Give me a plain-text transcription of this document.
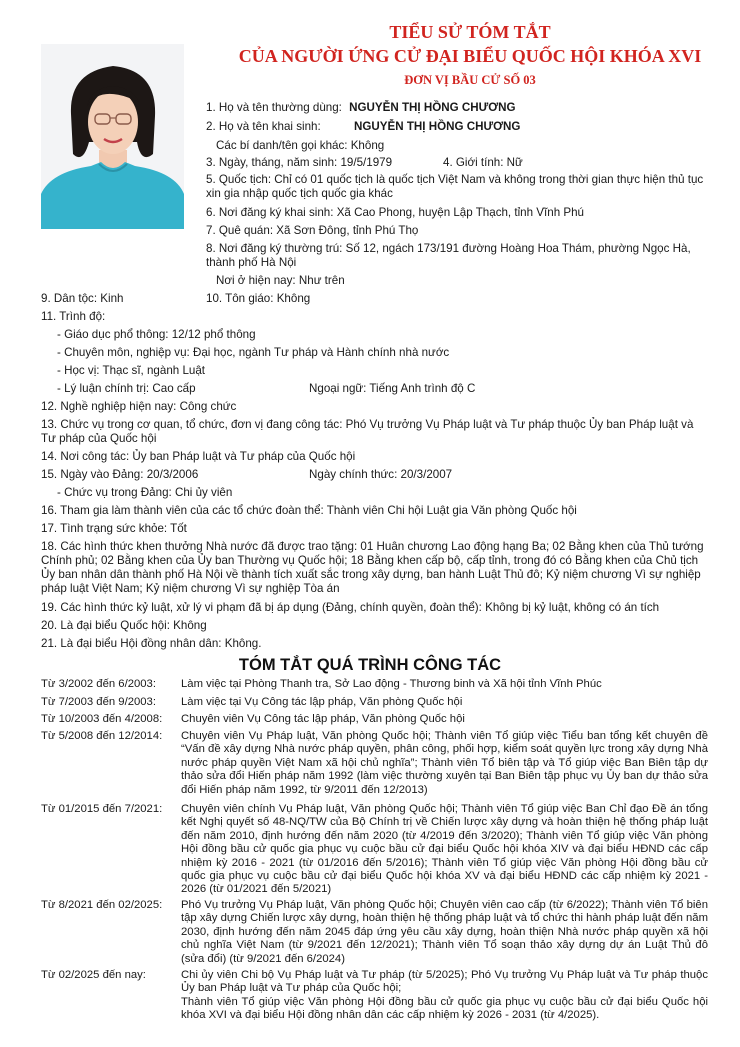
TIỂU SỬ TÓM TẮT
CỦA NGƯỜI ỨNG CỬ ĐẠI BIỂU QUỐC HỘI KHÓA XVI
ĐƠN VỊ BẦU CỬ SỐ 03
1. Họ và tên thường dùng: NGUYỄN THỊ HỒNG CHƯƠNG
2. Họ và tên khai sinh:	NGUYỄN THỊ HỒNG CHƯƠNG
Các bí danh/tên gọi khác: Không
3. Ngày, tháng, năm sinh: 19/5/1979	4. Giới tính: Nữ
5. Quốc tịch: Chỉ có 01 quốc tịch là quốc tịch Việt Nam và không trong thời gian thực hiện thủ tục xin gia nhập quốc tịch quốc gia khác
6. Nơi đăng ký khai sinh: Xã Cao Phong, huyện Lập Thạch, tỉnh Vĩnh Phú
7. Quê quán: Xã Sơn Đông, tỉnh Phú Thọ
8. Nơi đăng ký thường trú: Số 12, ngách 173/191 đường Hoàng Hoa Thám, phường Ngọc Hà, thành phố Hà Nội
Nơi ở hiện nay: Như trên
9. Dân tộc: Kinh	10. Tôn giáo: Không
11. Trình độ:
- Giáo dục phổ thông: 12/12 phổ thông
- Chuyên môn, nghiệp vụ: Đại học, ngành Tư pháp và Hành chính nhà nước
- Học vị: Thạc sĩ, ngành Luật
- Lý luận chính trị: Cao cấp	Ngoại ngữ: Tiếng Anh trình độ C
12. Nghề nghiệp hiện nay: Công chức
13. Chức vụ trong cơ quan, tổ chức, đơn vị đang công tác: Phó Vụ trưởng Vụ Pháp luật và Tư pháp thuộc Ủy ban Pháp luật và Tư pháp của Quốc hội
14. Nơi công tác: Ủy ban Pháp luật và Tư pháp của Quốc hội
15. Ngày vào Đảng: 20/3/2006	Ngày chính thức: 20/3/2007
- Chức vụ trong Đảng: Chi ủy viên
16. Tham gia làm thành viên của các tổ chức đoàn thể: Thành viên Chi hội Luật gia Văn phòng Quốc hội
17. Tình trạng sức khỏe: Tốt
18. Các hình thức khen thưởng Nhà nước đã được trao tặng: 01 Huân chương Lao động hạng Ba; 02 Bằng khen của Thủ tướng Chính phủ; 02 Bằng khen của Ủy ban Thường vụ Quốc hội; 18 Bằng khen cấp bộ, cấp tỉnh, trong đó có Bằng khen của Chủ tịch Ủy ban nhân dân thành phố Hà Nội về thành tích xuất sắc trong xây dựng, ban hành Luật Thủ đô; Kỷ niệm chương Vì sự nghiệp pháp luật Việt Nam; Kỷ niệm chương Vì sự nghiệp Tòa án
19. Các hình thức kỷ luật, xử lý vi phạm đã bị áp dụng (Đảng, chính quyền, đoàn thể): Không bị kỷ luật, không có án tích
20. Là đại biểu Quốc hội: Không
21. Là đại biểu Hội đồng nhân dân: Không.
TÓM TẮT QUÁ TRÌNH CÔNG TÁC
Từ 3/2002 đến 6/2003: Làm việc tại Phòng Thanh tra, Sở Lao động - Thương binh và Xã hội tỉnh Vĩnh Phúc
Từ 7/2003 đến 9/2003: Làm việc tại Vụ Công tác lập pháp, Văn phòng Quốc hội
Từ 10/2003 đến 4/2008: Chuyên viên Vụ Công tác lập pháp, Văn phòng Quốc hội
Từ 5/2008 đến 12/2014: Chuyên viên Vụ Pháp luật, Văn phòng Quốc hội; Thành viên Tổ giúp việc Tiểu ban tổng kết chuyên đề “Vấn đề xây dựng Nhà nước pháp quyền, phân công, phối hợp, kiểm soát quyền lực trong xây dựng Nhà nước pháp quyền Việt Nam xã hội chủ nghĩa”; Thành viên Tổ biên tập và Tổ giúp việc Ban Biên tập dự thảo sửa đổi Hiến pháp năm 1992 (làm việc thường xuyên tại Ban Biên tập phục vụ Ủy ban dự thảo sửa đổi Hiến pháp năm 1992, từ 9/2011 đến 12/2013)
Từ 01/2015 đến 7/2021: Chuyên viên chính Vụ Pháp luật, Văn phòng Quốc hội; Thành viên Tổ giúp việc Ban Chỉ đạo Đề án tổng kết Nghị quyết số 48-NQ/TW của Bộ Chính trị về Chiến lược xây dựng và hoàn thiện hệ thống pháp luật đến năm 2010, định hướng đến năm 2020 (từ 4/2019 đến 3/2020); Thành viên Tổ giúp việc Văn phòng Hội đồng bầu cử quốc gia phục vụ cuộc bầu cử đại biểu Quốc hội khóa XIV và đại biểu HĐND các cấp nhiệm kỳ 2016 - 2021 (từ 01/2016 đến 5/2016); Thành viên Tổ giúp việc Văn phòng Hội đồng bầu cử quốc gia phục vụ cuộc bầu cử đại biểu Quốc hội khóa XV và đại biểu HĐND các cấp nhiệm kỳ 2021 - 2026 (từ 01/2021 đến 5/2021)
Từ 8/2021 đến 02/2025: Phó Vụ trưởng Vụ Pháp luật, Văn phòng Quốc hội; Chuyên viên cao cấp (từ 6/2022); Thành viên Tổ biên tập xây dựng Chiến lược xây dựng, hoàn thiện hệ thống pháp luật và tổ chức thi hành pháp luật đến năm 2030, định hướng đến năm 2045 đáp ứng yêu cầu xây dựng, hoàn thiện Nhà nước pháp quyền xã hội chủ nghĩa Việt Nam (từ 9/2021 đến 12/2021); Thành viên Tổ soạn thảo xây dựng dự án Luật Thủ đô (sửa đổi) (từ 9/2021 đến 6/2024)
Từ 02/2025 đến nay:	Chi ủy viên Chi bộ Vụ Pháp luật và Tư pháp (từ 5/2025); Phó Vụ trưởng Vụ Pháp luật và Tư pháp thuộc Ủy ban Pháp luật và Tư pháp của Quốc hội;
Thành viên Tổ giúp việc Văn phòng Hội đồng bầu cử quốc gia phục vụ cuộc bầu cử đại biểu Quốc hội khóa XVI và đại biểu Hội đồng nhân dân các cấp nhiệm kỳ 2026 - 2031 (từ 4/2025).
